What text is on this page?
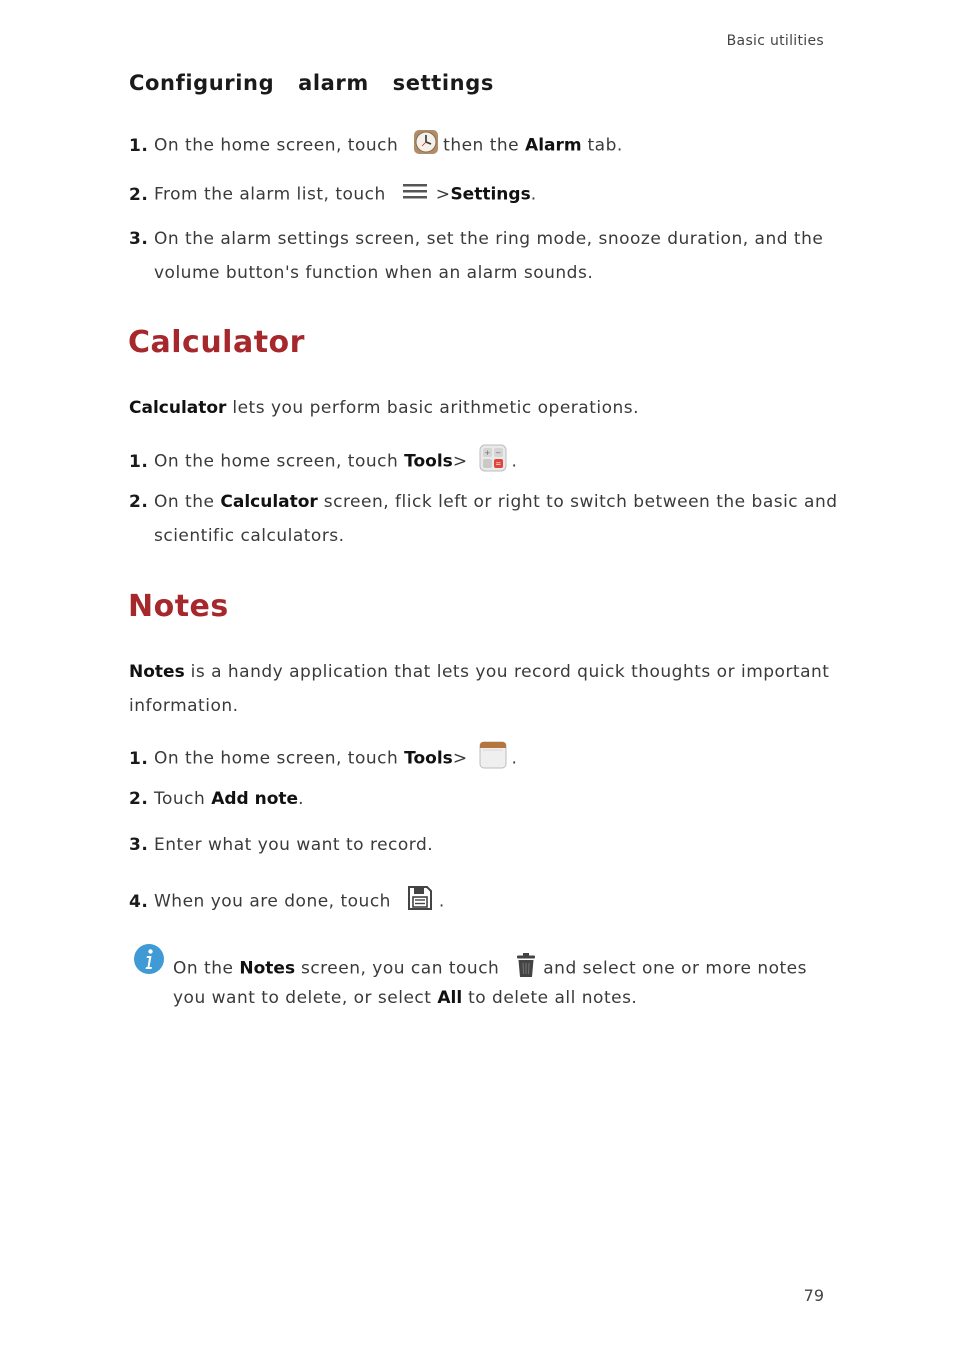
Basic utilities
Configuring  alarm  settings
1. On the home screen, touch	then the Alarm tab.
2. From the alarm list, touch	>Settings.
3. On the alarm settings screen, set the ring mode, snooze duration, and the
volume button's function when an alarm sounds.
Calculator
Calculator lets you perform basic arithmetic operations.
1. On the home screen, touch Tools> + −
= .
2. On the Calculator screen, flick left or right to switch between the basic and
scientific calculators.
Notes
Notes is a handy application that lets you record quick thoughts or important
information.
1. On the home screen, touch Tools>	.
2. Touch Add note.
3. Enter what you want to record.
4. When you are done, touch	.
On the Notes screen, you can touch	and select one or more notes
you want to delete, or select All to delete all notes.
79
